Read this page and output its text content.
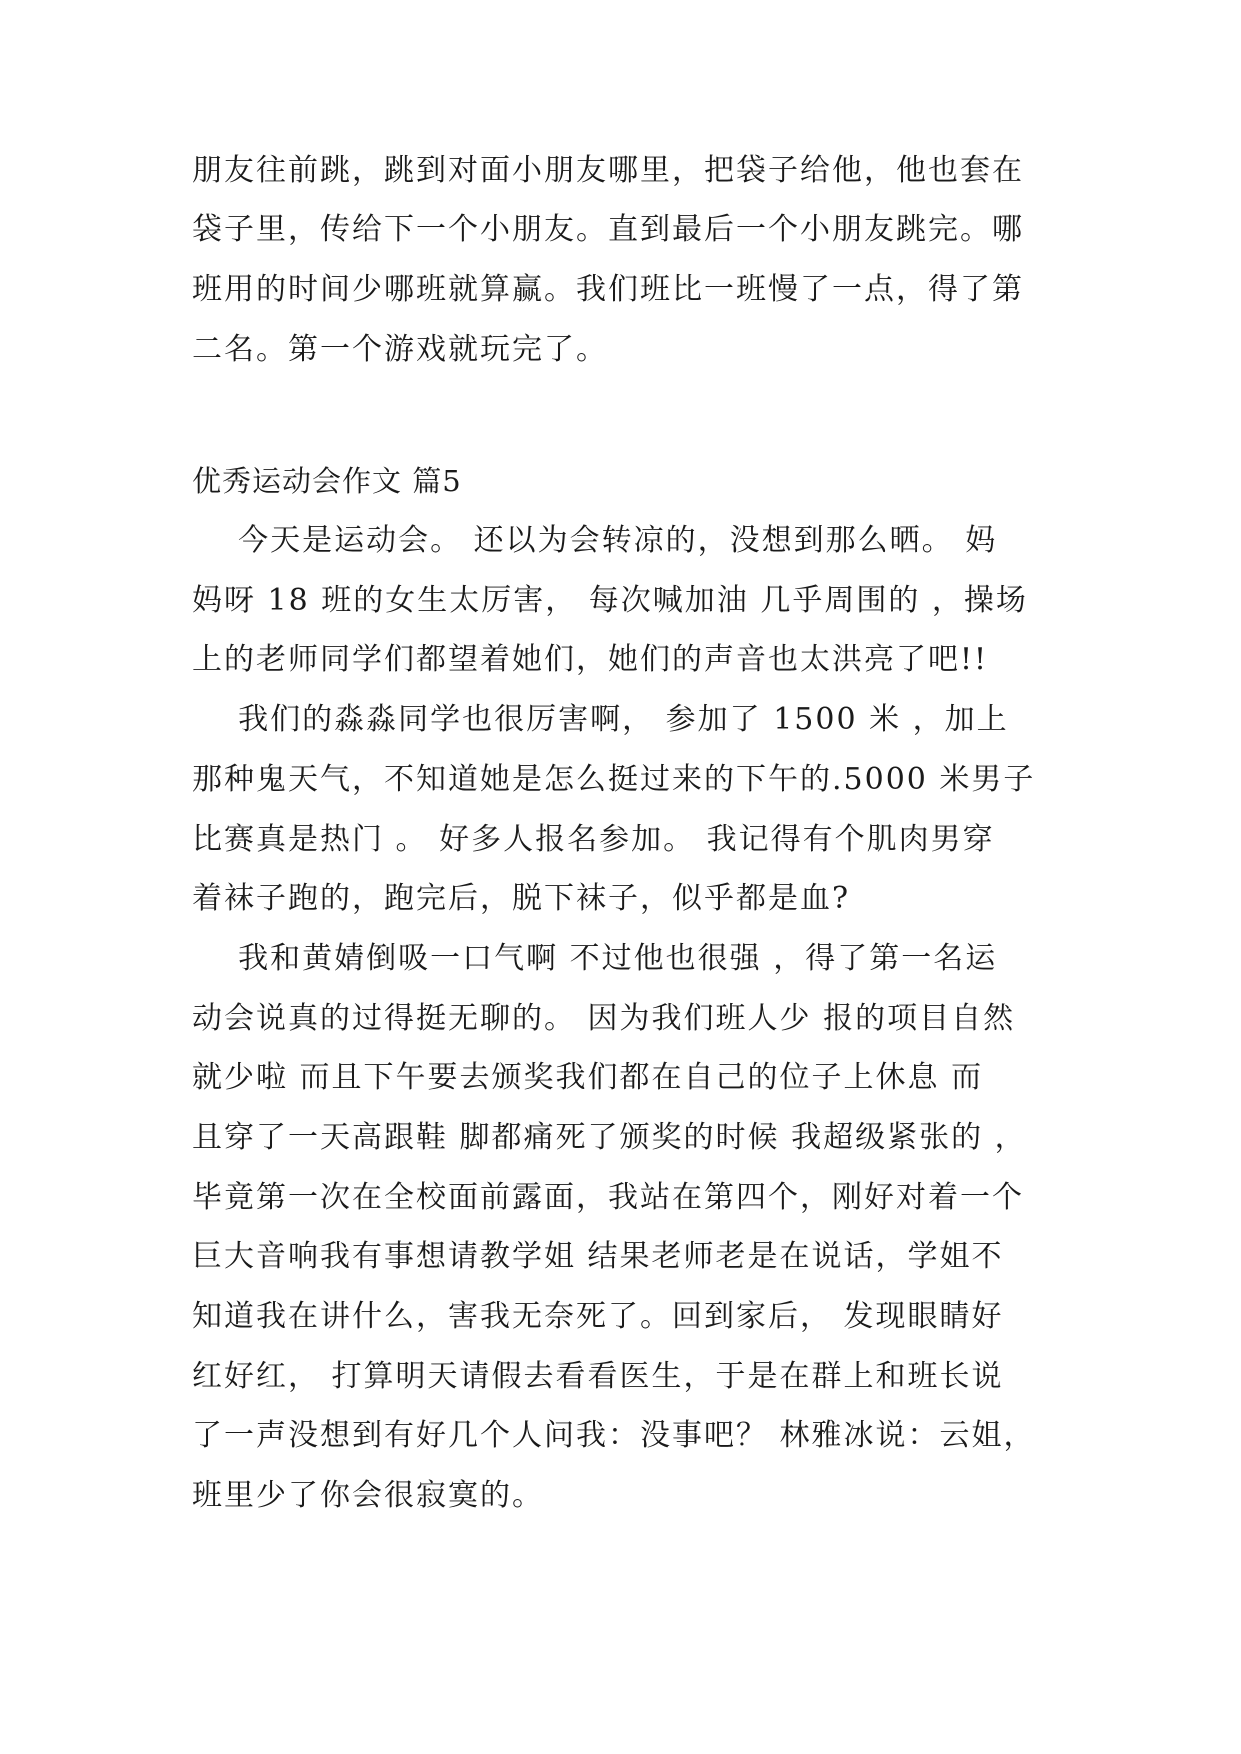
朋友往前跳，跳到对面小朋友哪里，把袋子给他，他也套在
袋子里，传给下一个小朋友。直到最后一个小朋友跳完。哪
班用的时间少哪班就算赢。我们班比一班慢了一点，得了第
二名。第一个游戏就玩完了。
优秀运动会作文 篇5
今天是运动会。 还以为会转凉的，没想到那么晒。 妈
妈呀 18 班的女生太厉害， 每次喊加油 几乎周围的 ，操场
上的老师同学们都望着她们，她们的声音也太洪亮了吧!!
我们的淼淼同学也很厉害啊， 参加了 1500 米 ，加上
那种鬼天气，不知道她是怎么挺过来的下午的.5000 米男子
比赛真是热门 。 好多人报名参加。 我记得有个肌肉男穿
着袜子跑的，跑完后，脱下袜子，似乎都是血?
我和黄婧倒吸一口气啊 不过他也很强 ，得了第一名运
动会说真的过得挺无聊的。 因为我们班人少 报的项目自然
就少啦 而且下午要去颁奖我们都在自己的位子上休息 而
且穿了一天高跟鞋 脚都痛死了颁奖的时候 我超级紧张的 ，
毕竟第一次在全校面前露面，我站在第四个，刚好对着一个
巨大音响我有事想请教学姐 结果老师老是在说话，学姐不
知道我在讲什么，害我无奈死了。回到家后， 发现眼睛好
红好红， 打算明天请假去看看医生，于是在群上和班长说
了一声没想到有好几个人问我：没事吧？ 林雅冰说：云姐，
班里少了你会很寂寞的。
